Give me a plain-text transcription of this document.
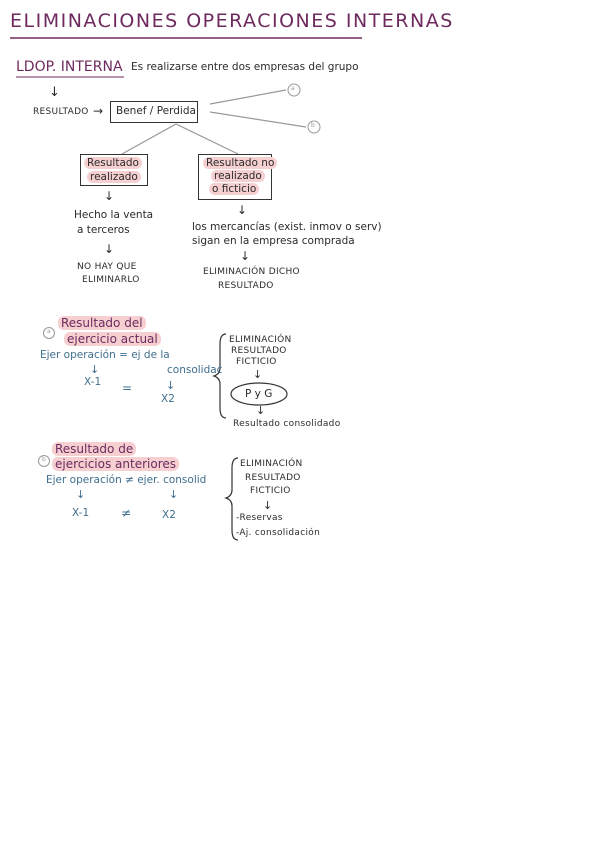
ELIMINACIONES OPERACIONES INTERNAS
LDOP. INTERNA Es realizarse entre dos empresas del grupo
↓
RESULTADO → Benef / Perdida
a
b
Resultado
realizado
Resultado no
realizado
o ficticio
↓
Hecho la venta
a terceros
↓
NO HAY QUE
ELIMINARLO
↓
los mercancías (exist. inmov o serv)
sigan en la empresa comprada
↓
ELIMINACIÓN DICHO
RESULTADO
a
Resultado del
ejercicio actual
Ejer operación = ej de la
↓	consolidac
X-1 =	↓
X2
ELIMINACIÓN
RESULTADO
FICTICIO
↓
P y G
↓
Resultado consolidado
b
Resultado de
ejercicios anteriores
Ejer operación ≠ ejer. consolid
↓	↓
X-1	≠	X2
ELIMINACIÓN
RESULTADO
FICTICIO
↓
-Reservas
-Aj. consolidación
